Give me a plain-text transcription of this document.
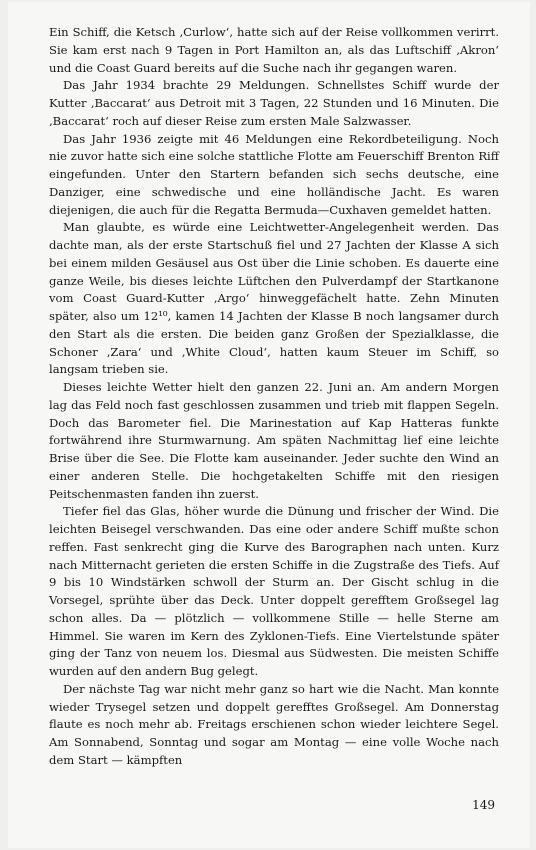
Ein Schiff, die Ketsch ‚Curlow‘, hatte sich auf der Reise vollkommen verirrt. Sie kam erst nach 9 Tagen in Port Hamilton an, als das Luftschiff ‚Akron‘ und die Coast Guard bereits auf die Suche nach ihr gegangen waren.

Das Jahr 1934 brachte 29 Meldungen. Schnellstes Schiff wurde der Kutter ‚Baccarat‘ aus Detroit mit 3 Tagen, 22 Stunden und 16 Minuten. Die ‚Baccarat‘ roch auf dieser Reise zum ersten Male Salzwasser.

Das Jahr 1936 zeigte mit 46 Meldungen eine Rekordbeteiligung. Noch nie zuvor hatte sich eine solche stattliche Flotte am Feuerschiff Brenton Riff eingefunden. Unter den Startern befanden sich sechs deutsche, eine Danziger, eine schwedische und eine holländische Jacht. Es waren diejenigen, die auch für die Regatta Bermuda—Cuxhaven gemeldet hatten.

Man glaubte, es würde eine Leichtwetter-Angelegenheit werden. Das dachte man, als der erste Startschuß fiel und 27 Jachten der Klasse A sich bei einem milden Gesäusel aus Ost über die Linie schoben. Es dauerte eine ganze Weile, bis dieses leichte Lüftchen den Pulverdampf der Startkanone vom Coast Guard-Kutter ‚Argo‘ hinweggefächelt hatte. Zehn Minuten später, also um 12¹⁰, kamen 14 Jachten der Klasse B noch langsamer durch den Start als die ersten. Die beiden ganz Großen der Spezialklasse, die Schoner ‚Zara‘ und ‚White Cloud‘, hatten kaum Steuer im Schiff, so langsam trieben sie.

Dieses leichte Wetter hielt den ganzen 22. Juni an. Am andern Morgen lag das Feld noch fast geschlossen zusammen und trieb mit flappen Segeln. Doch das Barometer fiel. Die Marinestation auf Kap Hatteras funkte fortwährend ihre Sturmwarnung. Am späten Nachmittag lief eine leichte Brise über die See. Die Flotte kam auseinander. Jeder suchte den Wind an einer anderen Stelle. Die hochgetakelten Schiffe mit den riesigen Peitschenmasten fanden ihn zuerst.

Tiefer fiel das Glas, höher wurde die Dünung und frischer der Wind. Die leichten Beisegel verschwanden. Das eine oder andere Schiff mußte schon reffen. Fast senkrecht ging die Kurve des Barographen nach unten. Kurz nach Mitternacht gerieten die ersten Schiffe in die Zugstraße des Tiefs. Auf 9 bis 10 Windstärken schwoll der Sturm an. Der Gischt schlug in die Vorsegel, sprühte über das Deck. Unter doppelt gerefftem Großsegel lag schon alles. Da — plötzlich — vollkommene Stille — helle Sterne am Himmel. Sie waren im Kern des Zyklonen-Tiefs. Eine Viertelstunde später ging der Tanz von neuem los. Diesmal aus Südwesten. Die meisten Schiffe wurden auf den andern Bug gelegt.

Der nächste Tag war nicht mehr ganz so hart wie die Nacht. Man konnte wieder Trysegel setzen und doppelt gerefftes Großsegel. Am Donnerstag flaute es noch mehr ab. Freitags erschienen schon wieder leichtere Segel. Am Sonnabend, Sonntag und sogar am Montag — eine volle Woche nach dem Start — kämpften

149
